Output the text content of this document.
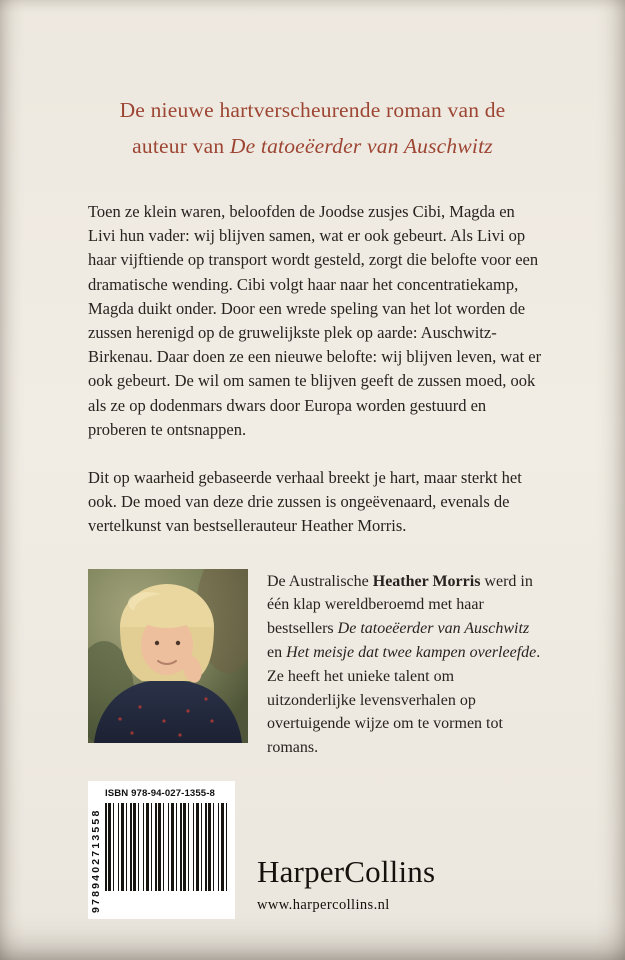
De nieuwe hartverscheurende roman van de
auteur van De tatoeëerder van Auschwitz

Toen ze klein waren, beloofden de Joodse zusjes Cibi, Magda en Livi hun vader: wij blijven samen, wat er ook gebeurt. Als Livi op haar vijftiende op transport wordt gesteld, zorgt die belofte voor een dramatische wending. Cibi volgt haar naar het concentratiekamp, Magda duikt onder. Door een wrede speling van het lot worden de zussen herenigd op de gruwelijkste plek op aarde: Auschwitz-Birkenau. Daar doen ze een nieuwe belofte: wij blijven leven, wat er ook gebeurt. De wil om samen te blijven geeft de zussen moed, ook als ze op dodenmars dwars door Europa worden gestuurd en proberen te ontsnappen.

Dit op waarheid gebaseerde verhaal breekt je hart, maar sterkt het ook. De moed van deze drie zussen is ongeëvenaard, evenals de vertelkunst van bestsellerauteur Heather Morris.

De Australische Heather Morris werd in één klap wereldberoemd met haar bestsellers De tatoeëerder van Auschwitz en Het meisje dat twee kampen overleefde. Ze heeft het unieke talent om uitzonderlijke levensverhalen op overtuigende wijze om te vormen tot romans.
ISBN 978-94-027-1355-8
9789402713558	HarperCollins
www.harpercollins.nl
